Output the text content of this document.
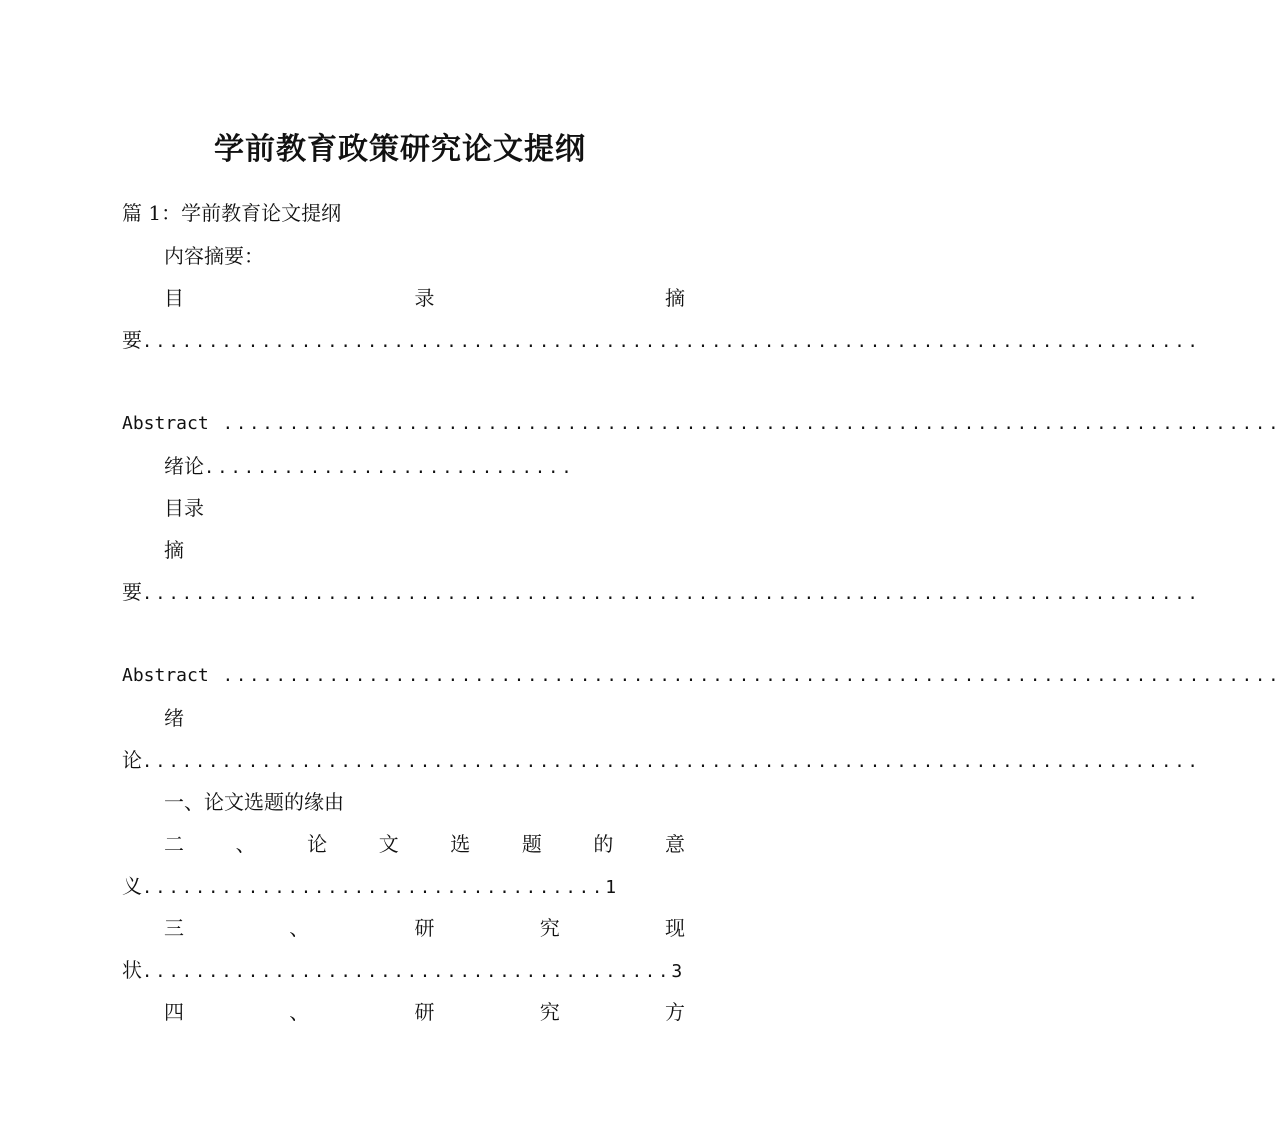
学前教育政策研究论文提纲
篇 1：学前教育论文提纲
内容摘要：
目	录	摘
要 ................................................................................
Abstract ................................................................................
绪论 ............................
目录
摘
要 ................................................................................
Abstract ................................................................................
绪
论 ................................................................................
一、论文选题的缘由
二	、	论	文	选	题	的	意
义 ................................... 1
三	、	研	究	现
状 ........................................ 3
四	、	研	究	方
